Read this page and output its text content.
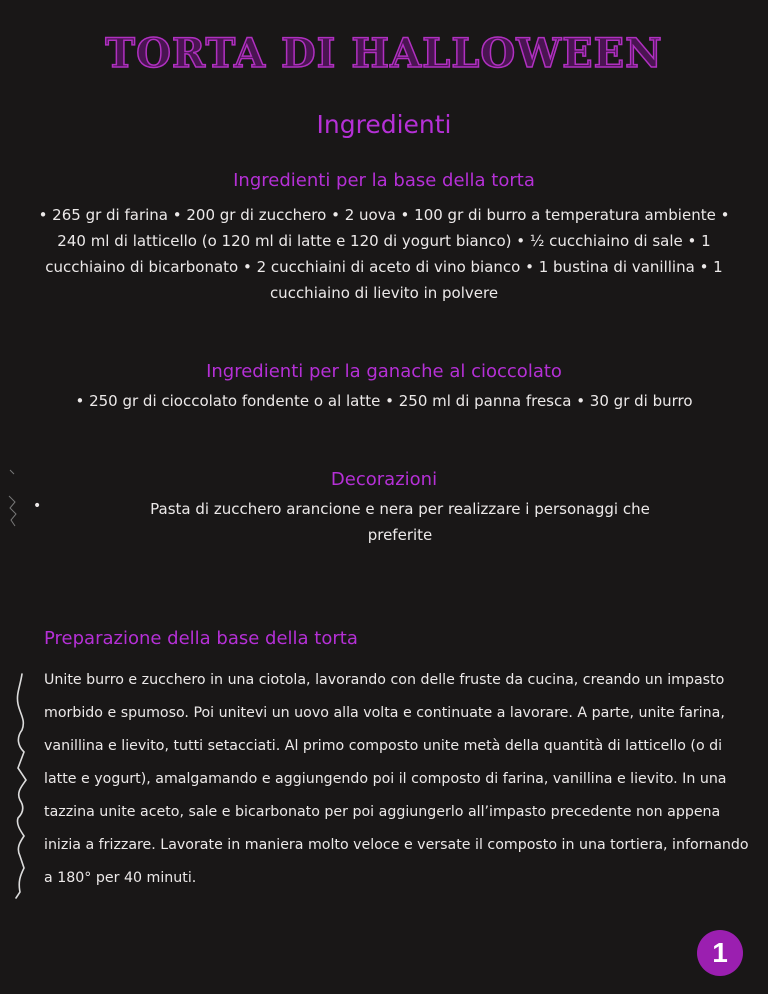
TORTA DI HALLOWEEN
Ingredienti
Ingredienti per la base della torta

• 265 gr di farina • 200 gr di zucchero • 2 uova • 100 gr di burro a temperatura ambiente • 240 ml di latticello (o 120 ml di latte e 120 di yogurt bianco) • ½ cucchiaino di sale • 1 cucchiaino di bicarbonato • 2 cucchiaini di aceto di vino bianco • 1 bustina di vanillina • 1 cucchiaino di lievito in polvere

Ingredienti per la ganache al cioccolato

• 250 gr di cioccolato fondente o al latte • 250 ml di panna fresca • 30 gr di burro

Decorazioni
•	Pasta di zucchero arancione e nera per realizzare i personaggi che preferite

Preparazione della base della torta

Unite burro e zucchero in una ciotola, lavorando con delle fruste da cucina, creando un impasto morbido e spumoso. Poi unitevi un uovo alla volta e continuate a lavorare. A parte, unite farina, vanillina e lievito, tutti setacciati. Al primo composto unite metà della quantità di latticello (o di latte e yogurt), amalgamando e aggiungendo poi il composto di farina, vanillina e lievito. In una tazzina unite aceto, sale e bicarbonato per poi aggiungerlo all’impasto precedente non appena inizia a frizzare. Lavorate in maniera molto veloce e versate il composto in una tortiera, infornando a 180° per 40 minuti.

1
